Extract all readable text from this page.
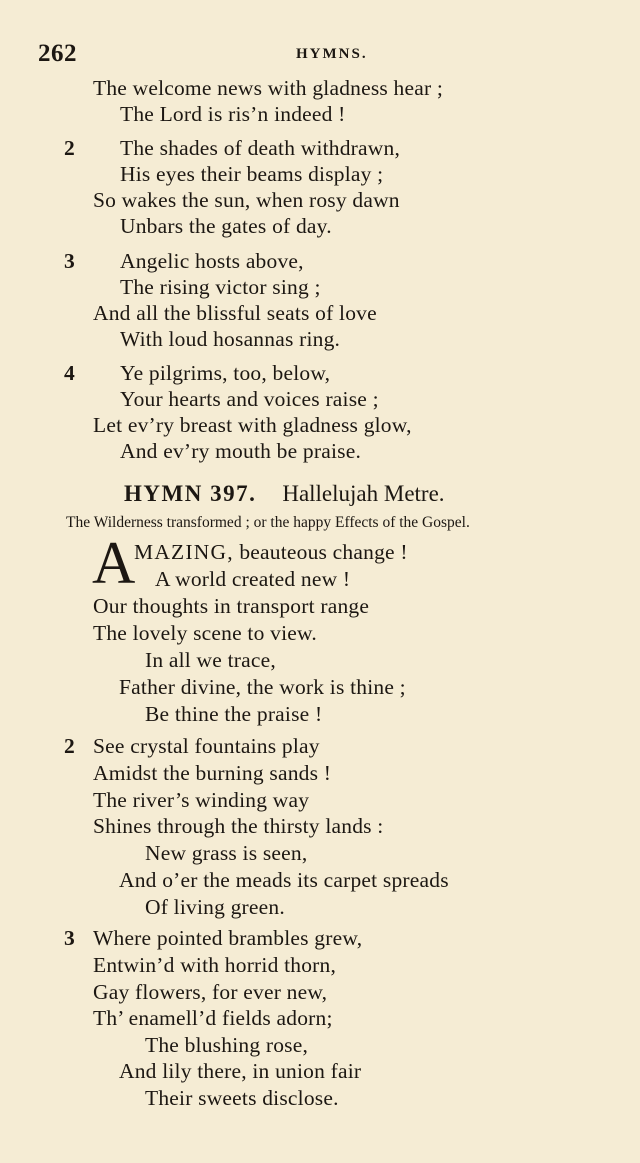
262	HYMNS.
The welcome news with gladness hear ;
The Lord is ris’n indeed !
2 The shades of death withdrawn,
His eyes their beams display ;
So wakes the sun, when rosy dawn
Unbars the gates of day.
3 Angelic hosts above,
The rising victor sing ;
And all the blissful seats of love
With loud hosannas ring.
4 Ye pilgrims, too, below,
Your hearts and voices raise ;
Let ev’ry breast with gladness glow,
And ev’ry mouth be praise.
HYMN 397. Hallelujah Metre.
The Wilderness transformed ; or the happy Effects of the Gospel.
A
MAZING, beauteous change !
A world created new !
Our thoughts in transport range
The lovely scene to view.
In all we trace,
Father divine, the work is thine ;
Be thine the praise !
2 See crystal fountains play
Amidst the burning sands !
The river’s winding way
Shines through the thirsty lands :
New grass is seen,
And o’er the meads its carpet spreads
Of living green.
3 Where pointed brambles grew,
Entwin’d with horrid thorn,
Gay flowers, for ever new,
Th’ enamell’d fields adorn;
The blushing rose,
And lily there, in union fair
Their sweets disclose.
